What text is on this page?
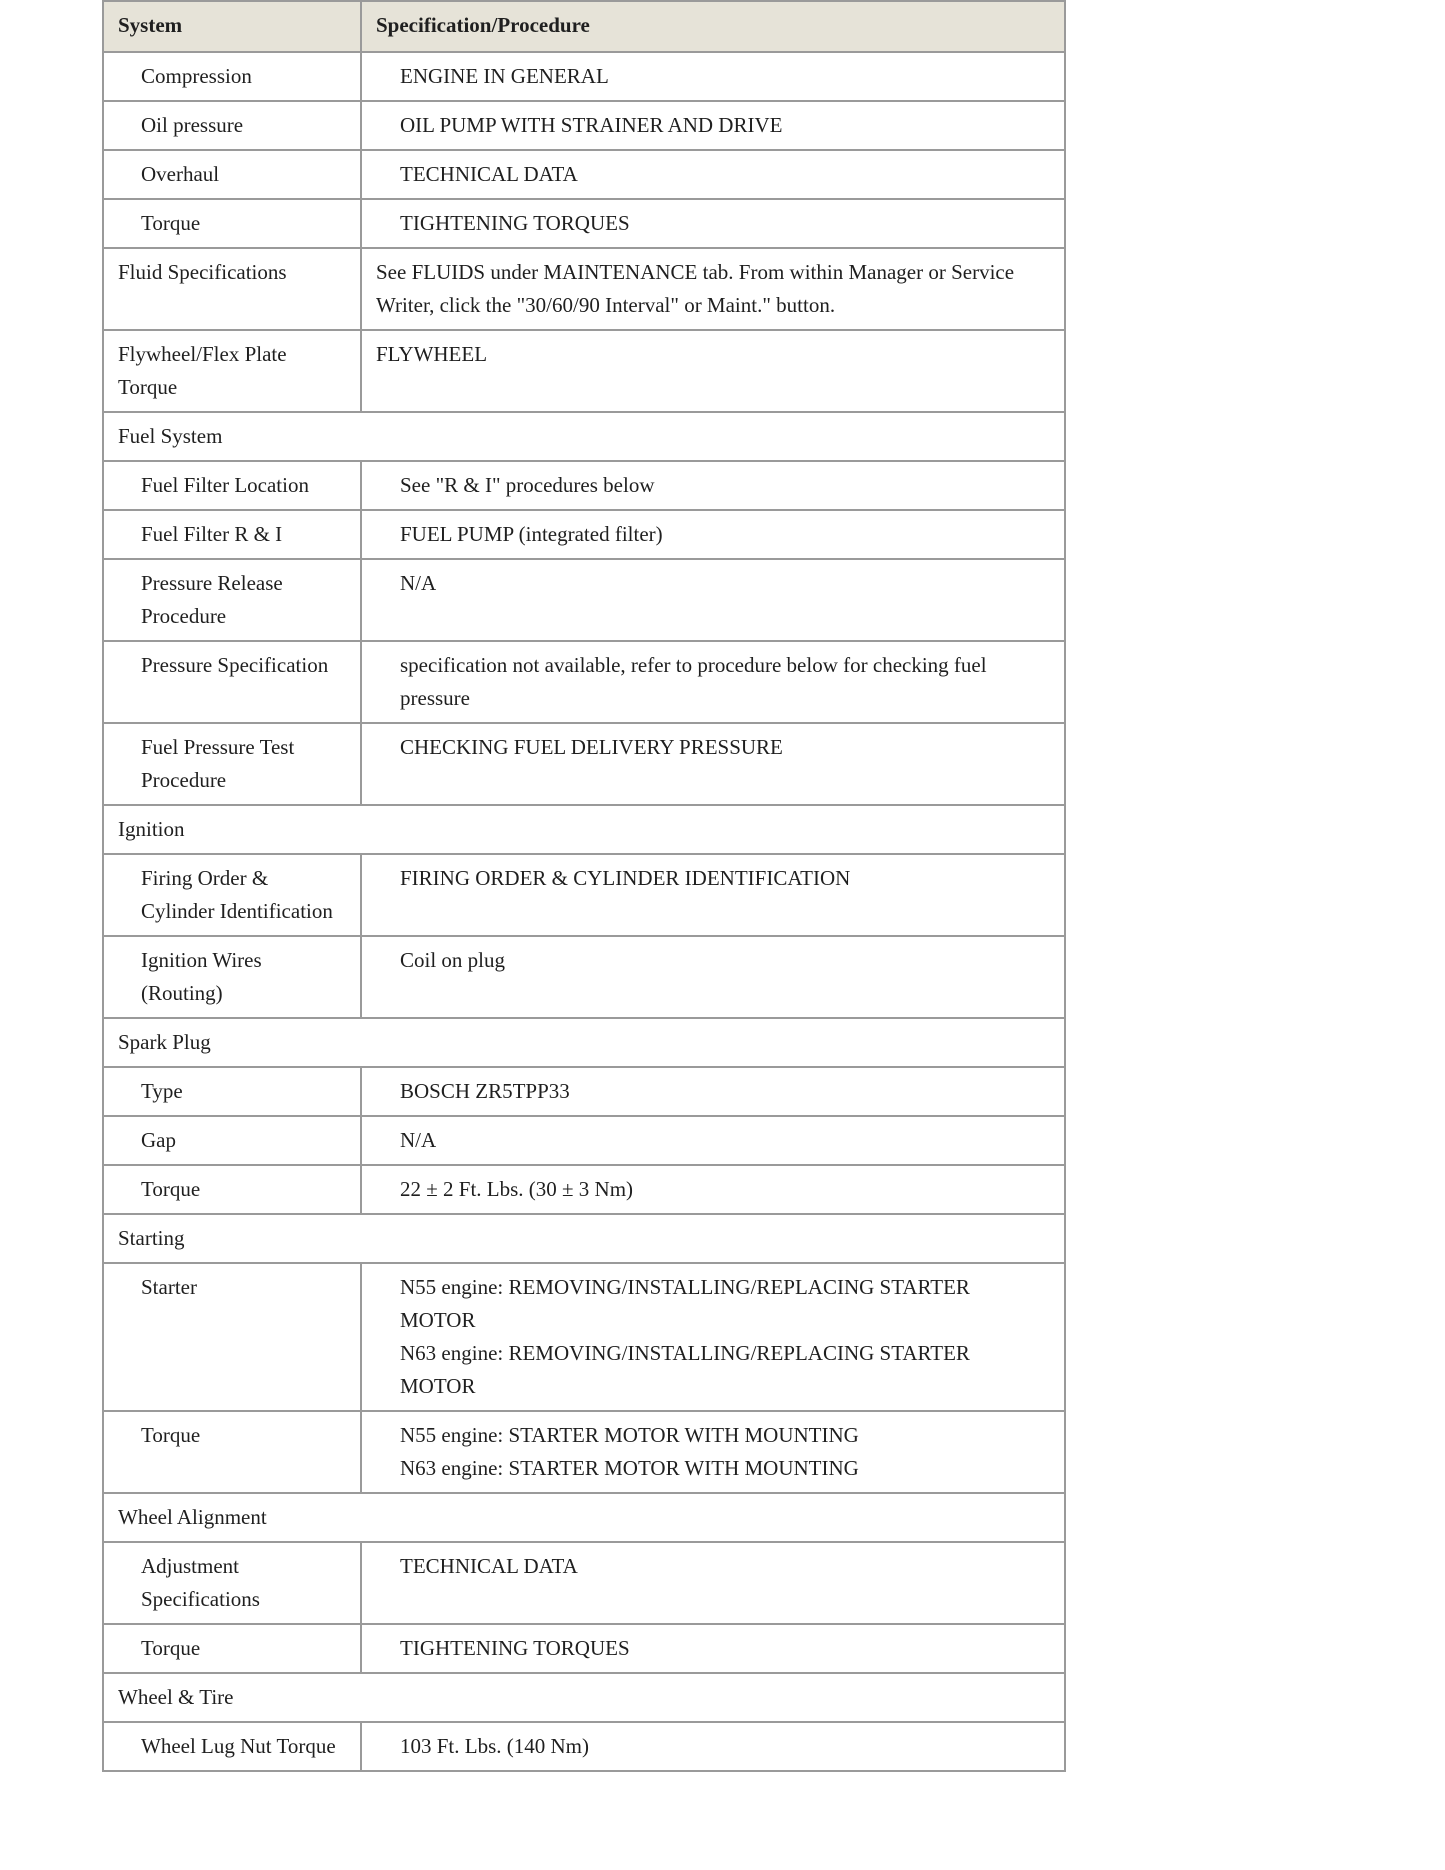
System	Specification/Procedure
Compression	ENGINE IN GENERAL

Oil pressure	OIL PUMP WITH STRAINER AND DRIVE

Overhaul	TECHNICAL DATA

Torque	TIGHTENING TORQUES

Fluid Specifications	See FLUIDS under MAINTENANCE tab. From within Manager or Service Writer, click the "30/60/90 Interval" or Maint." button.

Flywheel/Flex Plate Torque	FLYWHEEL

Fuel System	
Fuel Filter Location	See "R & I" procedures below

Fuel Filter R & I	FUEL PUMP (integrated filter)

Pressure Release Procedure	N/A

Pressure Specification	specification not available, refer to procedure below for checking fuel pressure

Fuel Pressure Test Procedure	CHECKING FUEL DELIVERY PRESSURE

Ignition	
Firing Order & Cylinder Identification	FIRING ORDER & CYLINDER IDENTIFICATION

Ignition Wires (Routing)	Coil on plug

Spark Plug	
Type	BOSCH ZR5TPP33

Gap	N/A

Torque	22 ± 2 Ft. Lbs. (30 ± 3 Nm)

Starting	
Starter	N55 engine: REMOVING/INSTALLING/REPLACING STARTER MOTOR
N63 engine: REMOVING/INSTALLING/REPLACING STARTER MOTOR

Torque	N55 engine: STARTER MOTOR WITH MOUNTING
N63 engine: STARTER MOTOR WITH MOUNTING

Wheel Alignment	
Adjustment Specifications	TECHNICAL DATA

Torque	TIGHTENING TORQUES

Wheel & Tire	
Wheel Lug Nut Torque	103 Ft. Lbs. (140 Nm)
